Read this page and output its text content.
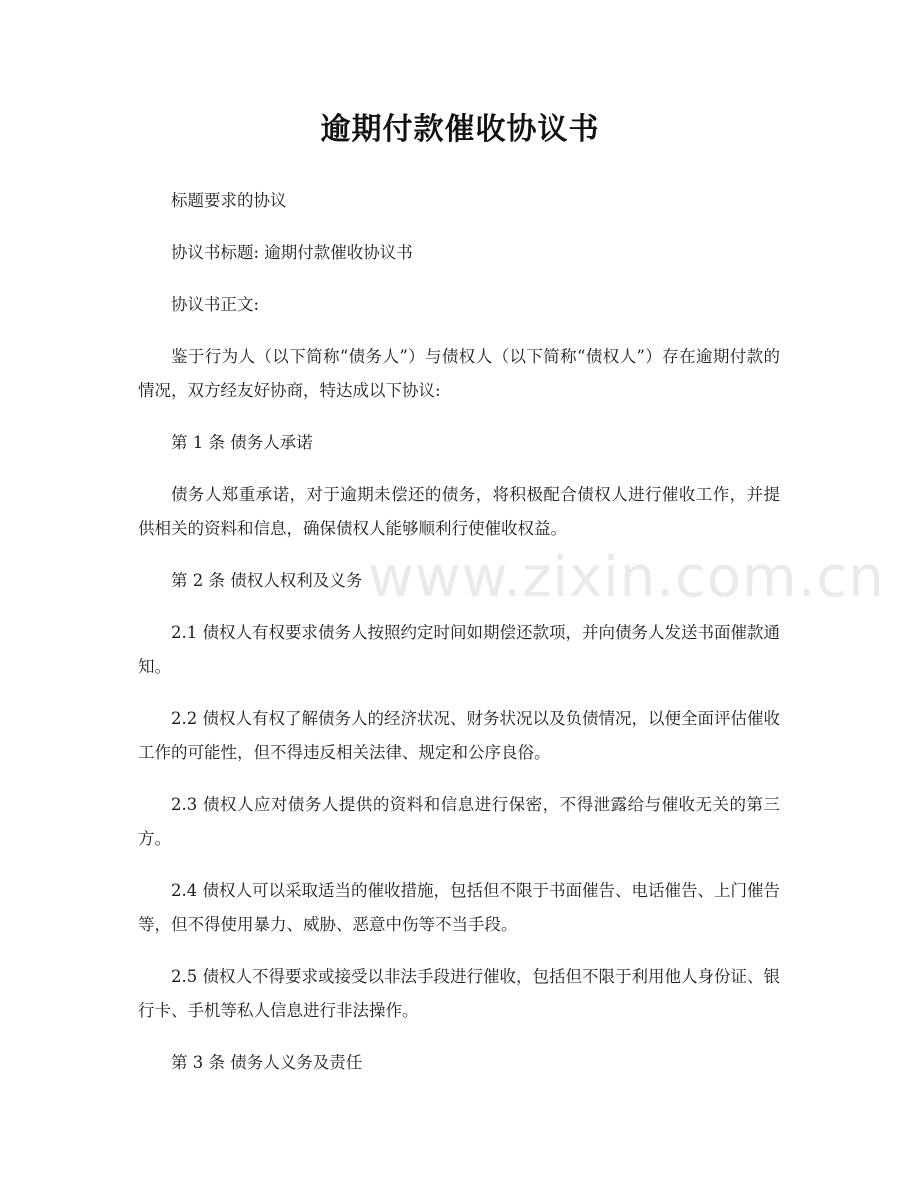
逾期付款催收协议书

标题要求的协议

协议书标题: 逾期付款催收协议书

协议书正文:

鉴于行为人（以下简称“债务人”）与债权人（以下简称“债权人”）存在逾期付款的情况，双方经友好协商，特达成以下协议:

第 1 条 债务人承诺

债务人郑重承诺，对于逾期未偿还的债务，将积极配合债权人进行催收工作，并提供相关的资料和信息，确保债权人能够顺利行使催收权益。

第 2 条 债权人权利及义务

2.1 债权人有权要求债务人按照约定时间如期偿还款项，并向债务人发送书面催款通知。

2.2 债权人有权了解债务人的经济状况、财务状况以及负债情况，以便全面评估催收工作的可能性，但不得违反相关法律、规定和公序良俗。

2.3 债权人应对债务人提供的资料和信息进行保密，不得泄露给与催收无关的第三方。

2.4 债权人可以采取适当的催收措施，包括但不限于书面催告、电话催告、上门催告等，但不得使用暴力、威胁、恶意中伤等不当手段。

2.5 债权人不得要求或接受以非法手段进行催收，包括但不限于利用他人身份证、银行卡、手机等私人信息进行非法操作。

第 3 条 债务人义务及责任

www.zixin.com.cn
